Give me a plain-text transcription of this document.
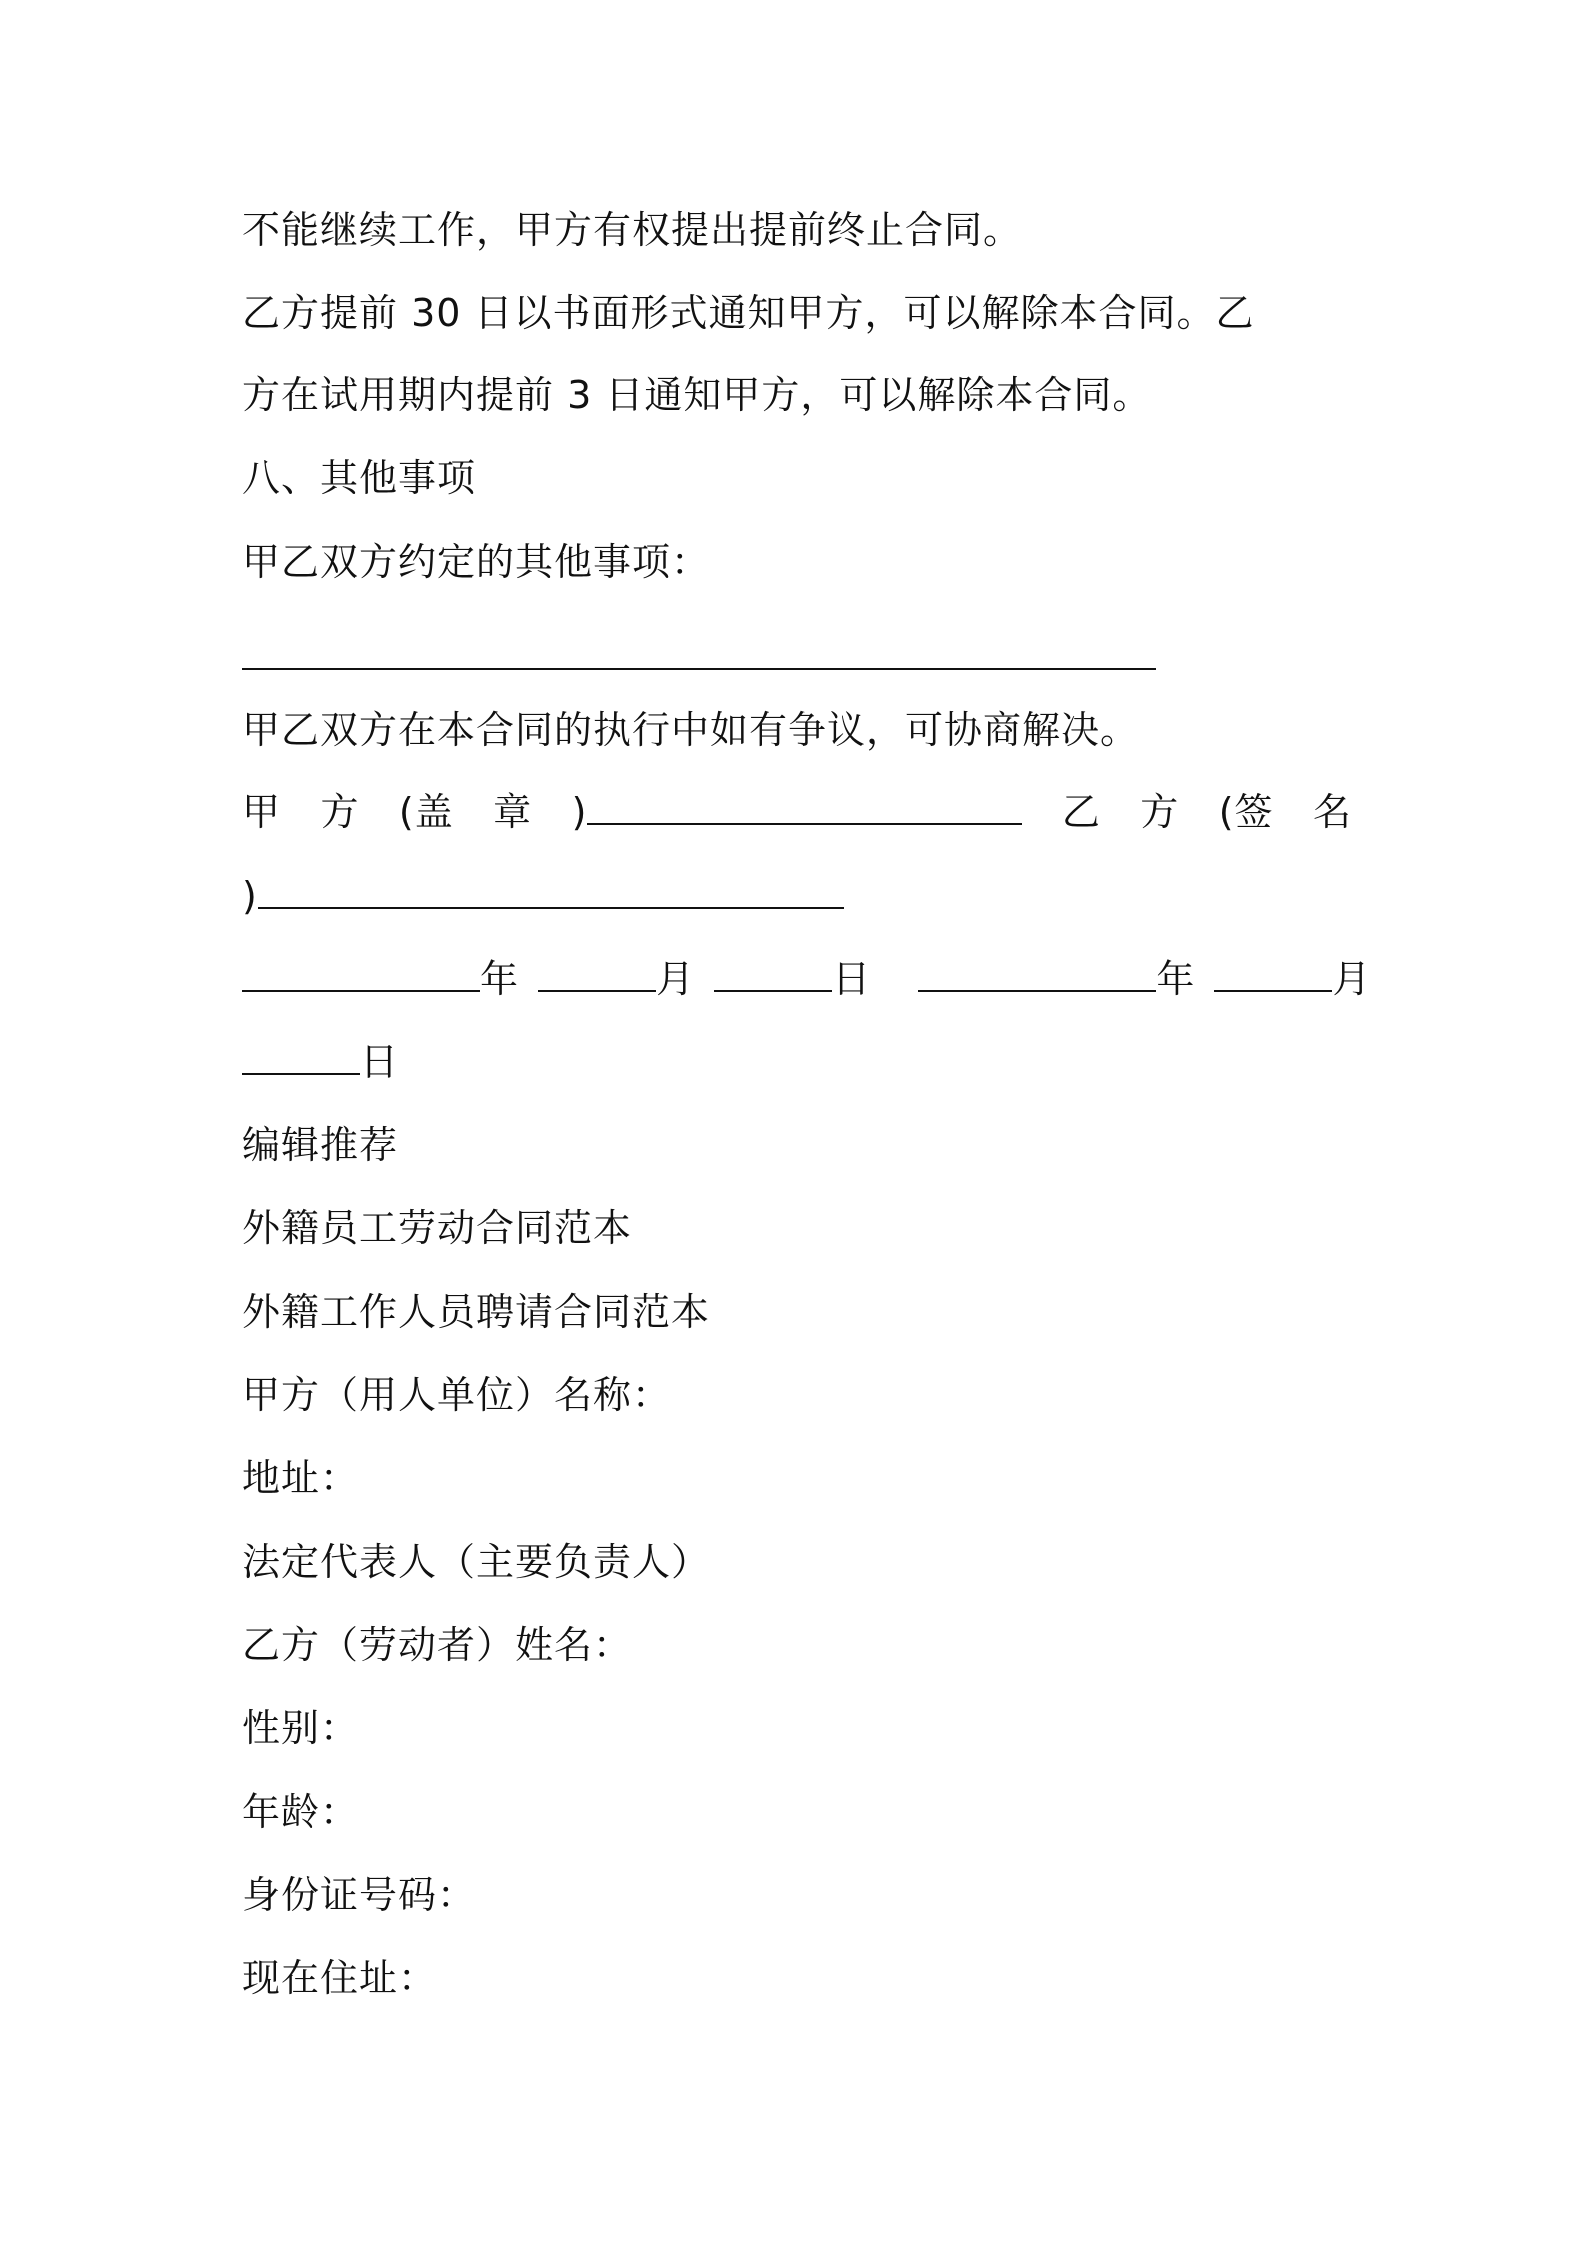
不能继续工作，甲方有权提出提前终止合同。
乙方提前 30 日以书面形式通知甲方，可以解除本合同。乙
方在试用期内提前 3 日通知甲方，可以解除本合同。
八、其他事项
甲乙双方约定的其他事项：
甲乙双方在本合同的执行中如有争议，可协商解决。
甲 方 (盖 章 )	乙 方 (签 名
)
年	月	日	年	月
日
编辑推荐
外籍员工劳动合同范本
外籍工作人员聘请合同范本
甲方（用人单位）名称：
地址：
法定代表人（主要负责人）
乙方（劳动者）姓名：
性别：
年龄：
身份证号码：
现在住址：
